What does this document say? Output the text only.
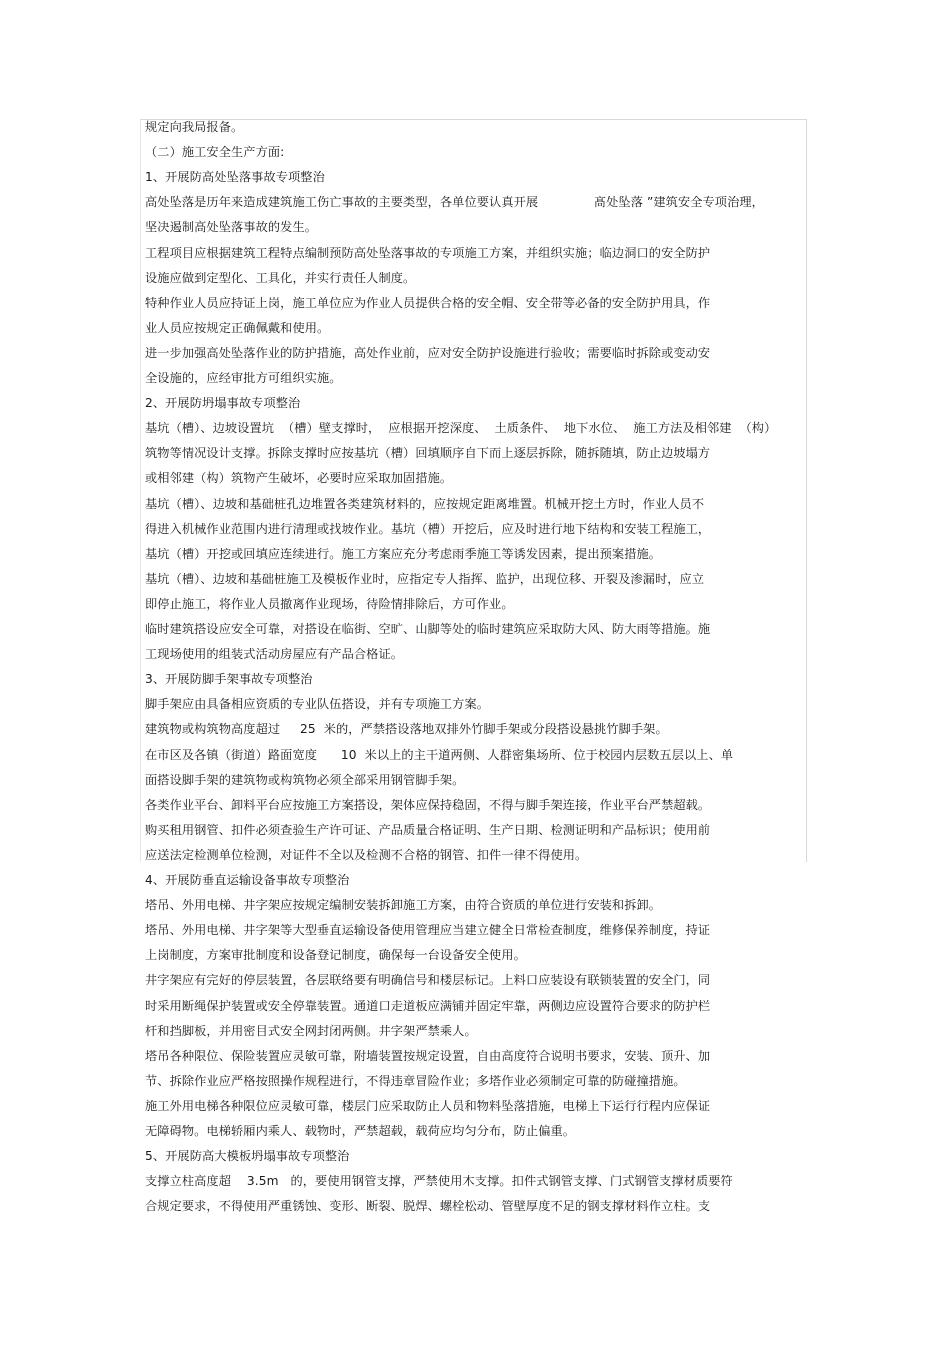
规定向我局报备。
（二）施工安全生产方面:
1、开展防高处坠落事故专项整治
高处坠落是历年来造成建筑施工伤亡事故的主要类型，各单位要认真开展              髙处坠落 ”建筑安全专项治理，
坚决遏制高处坠落事故的发生。
工程项目应根据建筑工程特点编制预防高处坠落事故的专项施工方案，并组织实施；临边洞口的安全防护
设施应做到定型化、工具化，并实行责任人制度。
特种作业人员应持证上岗，施工单位应为作业人员提供合格的安全帽、安全带等必备的安全防护用具，作
业人员应按规定正确佩戴和使用。
进一步加强高处坠落作业的防护措施，高处作业前，应对安全防护设施进行验收；需要临时拆除或变动安
全设施的，应经审批方可组织实施。
2、开展防坍塌事故专项整治
基坑（槽）、边坡设置坑  （槽）壁支撑时，  应根据开挖深度、  土质条件、  地下水位、  施工方法及相邻建  （构）
筑物等情况设计支撑。拆除支撑时应按基坑（槽）回填顺序自下而上逐层拆除，随拆随填，防止边坡塌方
或相邻建（构）筑物产生破坏，必要时应采取加固措施。
基坑（槽）、边坡和基础桩孔边堆置各类建筑材料的，应按规定距离堆置。机械开挖土方时，作业人员不
得进入机械作业范围内进行清理或找坡作业。基坑（槽）开挖后，应及时进行地下结构和安装工程施工，
基坑（槽）开挖或回填应连续进行。施工方案应充分考虑雨季施工等诱发因素，提出预案措施。
基坑（槽）、边坡和基础桩施工及模板作业时，应指定专人指挥、监护，出现位移、开裂及渗漏时，应立
即停止施工，将作业人员撤离作业现场，待险情排除后，方可作业。
临时建筑搭设应安全可靠，对搭设在临街、空旷、山脚等处的临时建筑应采取防大风、防大雨等措施。施
工现场使用的组装式活动房屋应有产品合格证。
3、开展防脚手架事故专项整治
脚手架应由具备相应资质的专业队伍搭设，并有专项施工方案。
建筑物或构筑物高度超过     25  米的，严禁搭设落地双排外竹脚手架或分段搭设悬挑竹脚手架。
在市区及各镇（街道）路面宽度      10  米以上的主干道两侧、人群密集场所、位于校园内层数五层以上、单
面搭设脚手架的建筑物或构筑物必须全部采用钢管脚手架。
各类作业平台、卸料平台应按施工方案搭设，架体应保持稳固，不得与脚手架连接，作业平台严禁超载。
购买租用钢管、扣件必须查验生产许可证、产品质量合格证明、生产日期、检测证明和产品标识；使用前
应送法定检测单位检测，对证件不全以及检测不合格的钢管、扣件一律不得使用。
4、开展防垂直运输设备事故专项整治
塔吊、外用电梯、井字架应按规定编制安装拆卸施工方案，由符合资质的单位进行安装和拆卸。
塔吊、外用电梯、井字架等大型垂直运输设备使用管理应当建立健全日常检查制度，维修保养制度，持证
上岗制度，方案审批制度和设备登记制度，确保每一台设备安全使用。
井字架应有完好的停层装置，各层联络要有明确信号和楼层标记。上料口应装设有联锁装置的安全门，同
时采用断绳保护装置或安全停靠装置。通道口走道板应满铺并固定牢靠，两侧边应设置符合要求的防护栏
杆和挡脚板，并用密目式安全网封闭两侧。井字架严禁乘人。
塔吊各种限位、保险装置应灵敏可靠，附墙装置按规定设置，自由高度符合说明书要求，安装、顶升、加
节、拆除作业应严格按照操作规程进行，不得违章冒险作业；多塔作业必须制定可靠的防碰撞措施。
施工外用电梯各种限位应灵敏可靠，楼层门应采取防止人员和物料坠落措施，电梯上下运行行程内应保证
无障碍物。电梯轿厢内乘人、载物时，严禁超载，载荷应均匀分布，防止偏重。
5、开展防高大模板坍塌事故专项整治
支撑立柱高度超    3.5m   的，要使用钢管支撑，严禁使用木支撑。扣件式钢管支撑、门式钢管支撑材质要符
合规定要求，不得使用严重锈蚀、变形、断裂、脱焊、螺栓松动、管壁厚度不足的钢支撑材料作立柱。支
